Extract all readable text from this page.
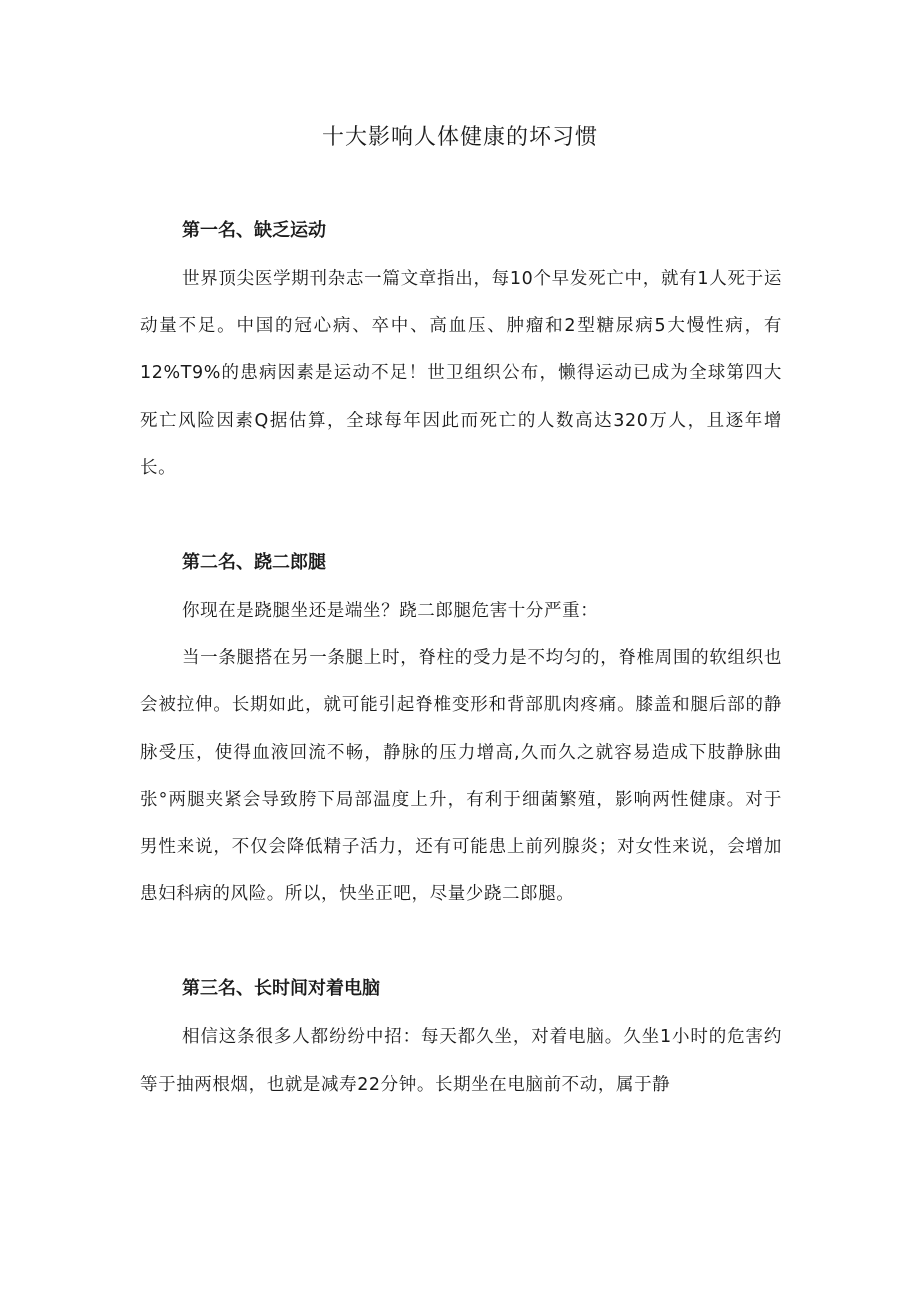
十大影响人体健康的坏习惯
第一名、缺乏运动

世界顶尖医学期刊杂志一篇文章指出，每10个早发死亡中，就有1人死于运动量不足。中国的冠心病、卒中、高血压、肿瘤和2型糖尿病5大慢性病，有12%T9%的患病因素是运动不足！世卫组织公布，懒得运动已成为全球第四大死亡风险因素Q据估算，全球每年因此而死亡的人数高达320万人，且逐年增长。

第二名、跷二郎腿

你现在是跷腿坐还是端坐？跷二郎腿危害十分严重：

当一条腿搭在另一条腿上时，脊柱的受力是不均匀的，脊椎周围的软组织也会被拉伸。长期如此，就可能引起脊椎变形和背部肌肉疼痛。膝盖和腿后部的静脉受压，使得血液回流不畅，静脉的压力增高,久而久之就容易造成下肢静脉曲张°两腿夹紧会导致胯下局部温度上升，有利于细菌繁殖，影响两性健康。对于男性来说，不仅会降低精子活力，还有可能患上前列腺炎；对女性来说，会增加患妇科病的风险。所以，快坐正吧，尽量少跷二郎腿。

第三名、长时间对着电脑

相信这条很多人都纷纷中招：每天都久坐，对着电脑。久坐1小时的危害约等于抽两根烟，也就是减寿22分钟。长期坐在电脑前不动，属于静
